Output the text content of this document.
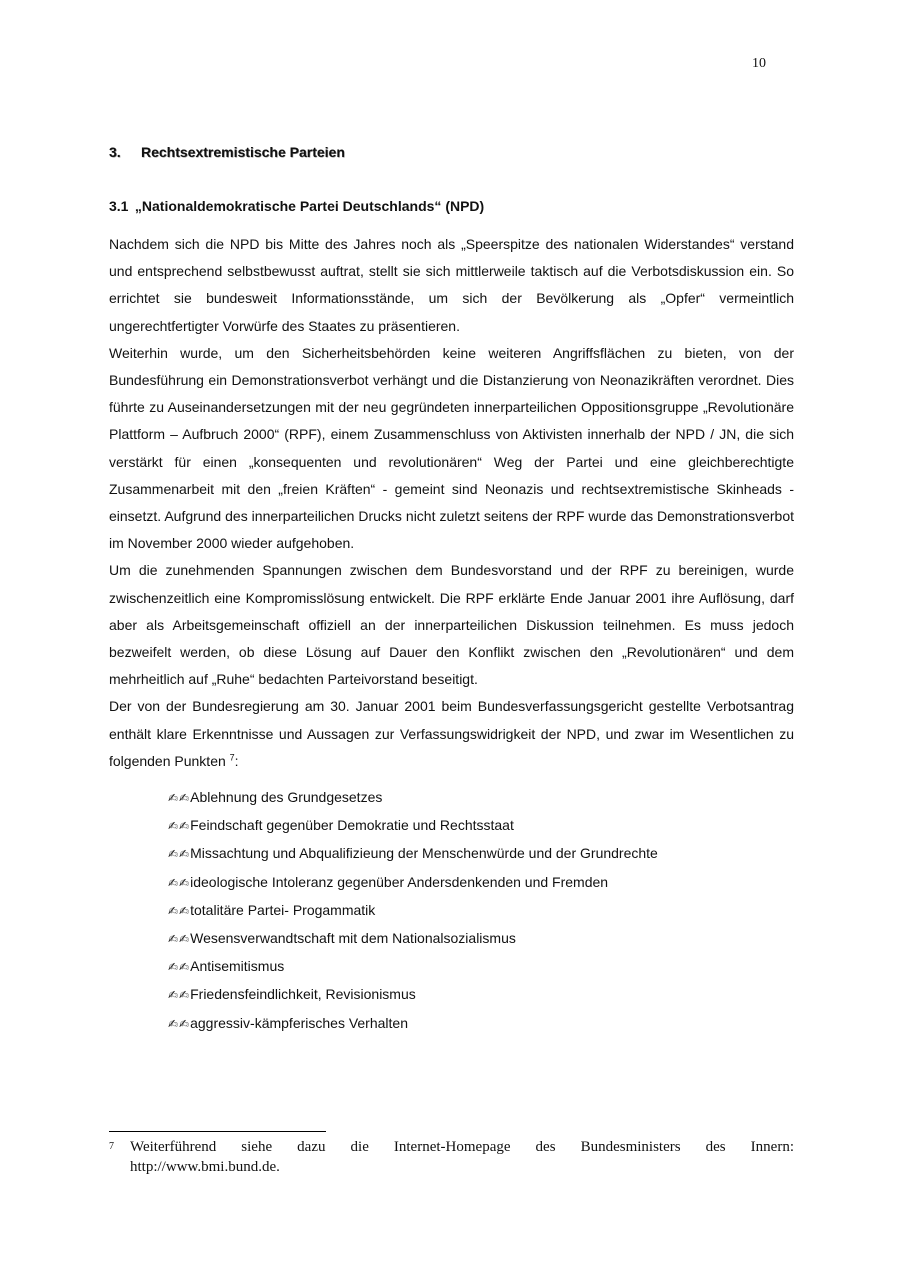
10
3. Rechtsextremistische Parteien
3.1 „Nationaldemokratische Partei Deutschlands“ (NPD)

Nachdem sich die NPD bis Mitte des Jahres noch als „Speerspitze des nationalen Widerstandes“ verstand und entsprechend selbstbewusst auftrat, stellt sie sich mittlerweile taktisch auf die Verbotsdiskussion ein. So errichtet sie bundesweit Informationsstände, um sich der Bevölkerung als „Opfer“ vermeintlich ungerechtfertigter Vorwürfe des Staates zu präsentieren.

Weiterhin wurde, um den Sicherheitsbehörden keine weiteren Angriffsflächen zu bieten, von der Bundesführung ein Demonstrationsverbot verhängt und die Distanzierung von Neonazikräften verordnet. Dies führte zu Auseinandersetzungen mit der neu gegründeten innerparteilichen Oppositionsgruppe „Revolutionäre Plattform – Aufbruch 2000“ (RPF), einem Zusammenschluss von Aktivisten innerhalb der NPD / JN, die sich verstärkt für einen „konsequenten und revolutionären“ Weg der Partei und eine gleichberechtigte Zusammenarbeit mit den „freien Kräften“ - gemeint sind Neonazis und rechtsextremistische Skinheads - einsetzt. Aufgrund des innerparteilichen Drucks nicht zuletzt seitens der RPF wurde das Demonstrationsverbot im November 2000 wieder aufgehoben.

Um die zunehmenden Spannungen zwischen dem Bundesvorstand und der RPF zu bereinigen, wurde zwischenzeitlich eine Kompromisslösung entwickelt. Die RPF erklärte Ende Januar 2001 ihre Auflösung, darf aber als Arbeitsgemeinschaft offiziell an der innerparteilichen Diskussion teilnehmen. Es muss jedoch bezweifelt werden, ob diese Lösung auf Dauer den Konflikt zwischen den „Revolutionären“ und dem mehrheitlich auf „Ruhe“ bedachten Parteivorstand beseitigt.

Der von der Bundesregierung am 30. Januar 2001 beim Bundesverfassungsgericht gestellte Verbotsantrag enthält klare Erkenntnisse und Aussagen zur Verfassungswidrigkeit der NPD, und zwar im Wesentlichen zu folgenden Punkten $^7$:

✍✍Ablehnung des Grundgesetzes
✍✍Feindschaft gegenüber Demokratie und Rechtsstaat
✍✍Missachtung und Abqualifizieung der Menschenwürde und der Grundrechte
✍✍ideologische Intoleranz gegenüber Andersdenkenden und Fremden
✍✍totalitäre Partei- Progammatik
✍✍Wesensverwandtschaft mit dem Nationalsozialismus
✍✍Antisemitismus
✍✍Friedensfeindlichkeit, Revisionismus
✍✍aggressiv-kämpferisches Verhalten
7 Weiterführend siehe dazu die Internet-Homepage des Bundesministers des Innern:
http://www.bmi.bund.de.
